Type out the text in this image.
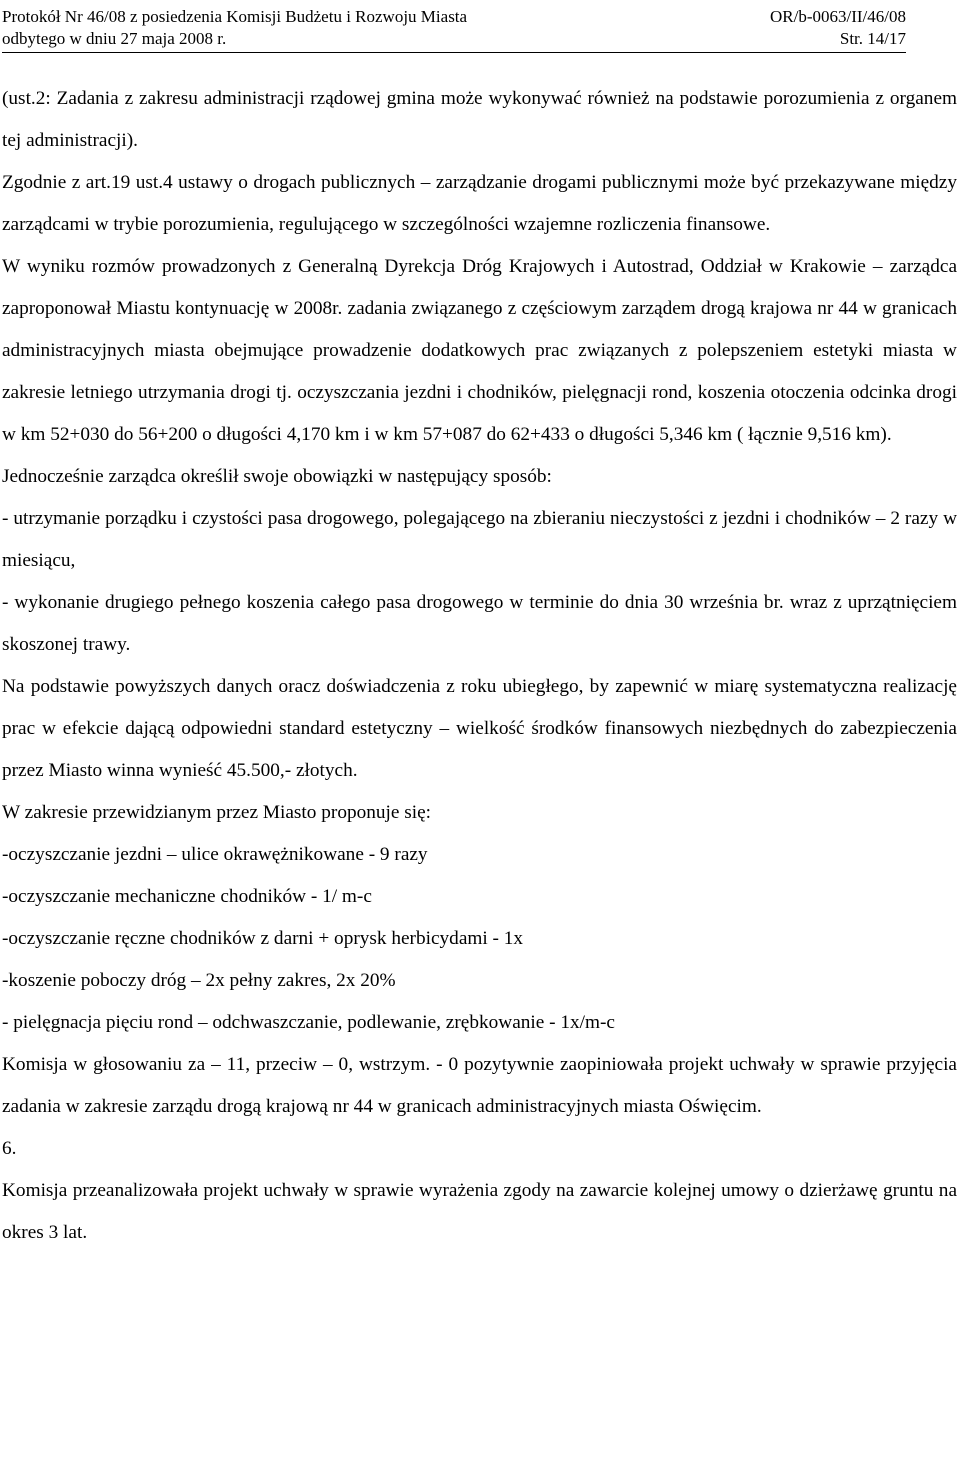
Protokół Nr 46/08 z posiedzenia Komisji Budżetu i Rozwoju Miasta	OR/b-0063/II/46/08
odbytego w dniu 27 maja 2008 r.	Str. 14/17

(ust.2: Zadania z zakresu administracji rządowej gmina może wykonywać również na podstawie porozumienia z organem tej administracji).

Zgodnie z art.19 ust.4 ustawy o drogach publicznych – zarządzanie drogami publicznymi może być przekazywane między zarządcami w trybie porozumienia, regulującego w szczególności wzajemne rozliczenia finansowe.

W wyniku rozmów prowadzonych z Generalną Dyrekcja Dróg Krajowych i Autostrad, Oddział w Krakowie – zarządca zaproponował Miastu kontynuację w 2008r. zadania związanego z częściowym zarządem drogą krajowa nr 44 w granicach administracyjnych miasta obejmujące prowadzenie dodatkowych prac związanych z polepszeniem estetyki miasta w zakresie letniego utrzymania drogi tj. oczyszczania jezdni i chodników, pielęgnacji rond, koszenia otoczenia odcinka drogi w km 52+030 do 56+200 o długości 4,170 km i w km 57+087 do 62+433 o długości 5,346 km ( łącznie 9,516 km).

Jednocześnie zarządca określił swoje obowiązki w następujący sposób:

- utrzymanie porządku i czystości pasa drogowego, polegającego na zbieraniu nieczystości z jezdni i chodników – 2 razy w miesiącu,

- wykonanie drugiego pełnego koszenia całego pasa drogowego w terminie do dnia 30 września br. wraz z uprzątnięciem skoszonej trawy.

Na podstawie powyższych danych oracz doświadczenia z roku ubiegłego, by zapewnić w miarę systematyczna realizację prac w efekcie dającą odpowiedni standard estetyczny – wielkość środków finansowych niezbędnych do zabezpieczenia przez Miasto winna wynieść 45.500,- złotych.

W zakresie przewidzianym przez Miasto proponuje się:

-oczyszczanie jezdni – ulice okrawężnikowane - 9 razy

-oczyszczanie mechaniczne chodników - 1/ m-c

-oczyszczanie ręczne chodników z darni + oprysk herbicydami - 1x

-koszenie poboczy dróg – 2x pełny zakres, 2x 20%

- pielęgnacja pięciu rond – odchwaszczanie, podlewanie, zrębkowanie - 1x/m-c

Komisja w głosowaniu za – 11, przeciw – 0, wstrzym. - 0 pozytywnie zaopiniowała projekt uchwały w sprawie przyjęcia zadania w zakresie zarządu drogą krajową nr 44 w granicach administracyjnych miasta Oświęcim.

6.

Komisja przeanalizowała projekt uchwały w sprawie wyrażenia zgody na zawarcie kolejnej umowy o dzierżawę gruntu na okres 3 lat.
